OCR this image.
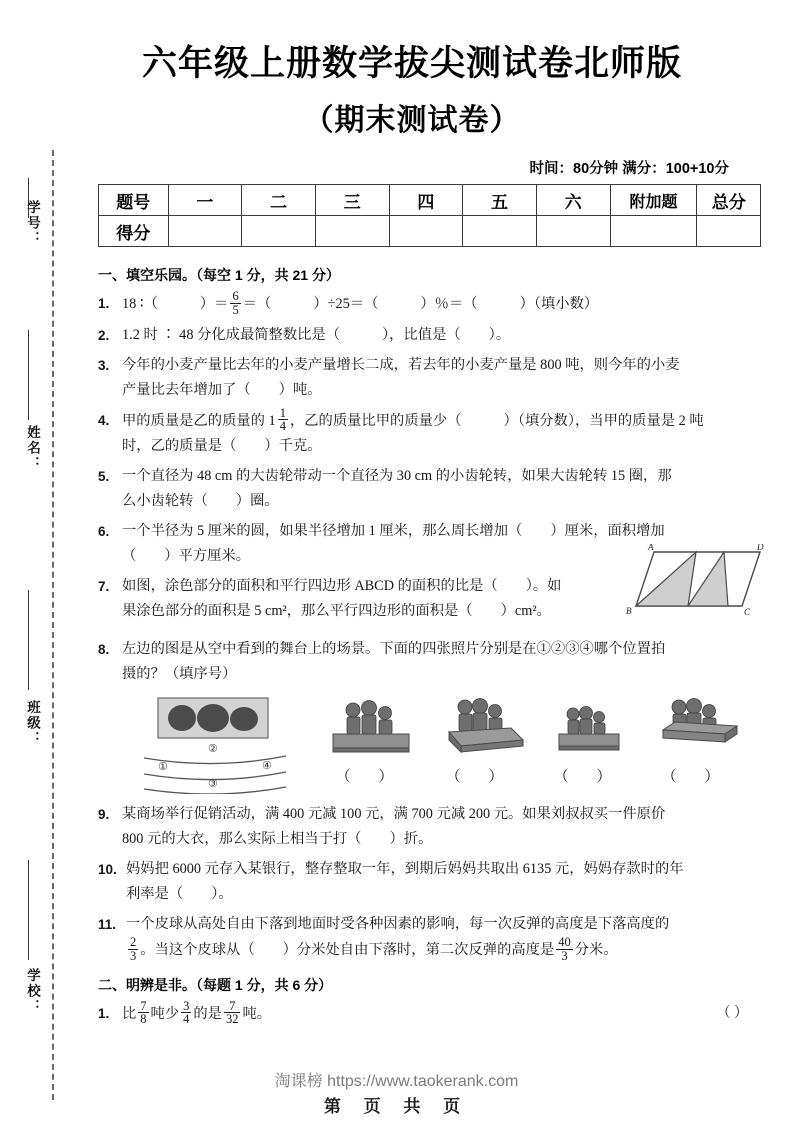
学号：
姓名：
班级：
学校：
六年级上册数学拔尖测试卷北师版
（期末测试卷）
时间：80分钟 满分：100+10分
题号	一	二	三	四	五	六	附加题	总分
得分								
一、填空乐园。（每空 1 分，共 21 分）
1. 18 ∶（	）＝ $\frac{6}{5}$ ＝（	）÷25＝（	）％＝（	）（填小数）
2. 1.2 时 ∶ 48 分化成最简整数比是（	），比值是（ ）。
3. 今年的小麦产量比去年的小麦产量增长二成，若去年的小麦产量是 800 吨，则今年的小麦
产量比去年增加了（ ）吨。
4. 甲的质量是乙的质量的 $1 \frac{1}{4}$ ，乙的质量比甲的质量少（	）（填分数），当甲的质量是 2 吨
时，乙的质量是（ ）千克。
5. 一个直径为 48 cm 的大齿轮带动一个直径为 30 cm 的小齿轮转，如果大齿轮转 15 圈，那
么小齿轮转（ ）圈。
6. 一个半径为 5 厘米的圆，如果半径增加 1 厘米，那么周长增加（ ）厘米，面积增加
（ ）平方厘米。
7. 如图，涂色部分的面积和平行四边形 ABCD 的面积的比是（ ）。如
果涂色部分的面积是 5 cm²，那么平行四边形的面积是（ ）cm²。
A	D
B	C
8. 左边的图是从空中看到的舞台上的场景。下面的四张照片分别是在①②③④哪个位置拍
摄的？（填序号）
②
①	④
③	（ ）	（ ）	（ ）	（ ）
9. 某商场举行促销活动，满 400 元减 100 元，满 700 元减 200 元。如果刘叔叔买一件原价
800 元的大衣，那么实际上相当于打（ ）折。
10. 妈妈把 6000 元存入某银行，整存整取一年，到期后妈妈共取出 6135 元，妈妈存款时的年
利率是（ ）。
11. 一个皮球从高处自由下落到地面时受各种因素的影响，每一次反弹的高度是下落高度的

$\frac{2}{3}$ 。当这个皮球从（ ）分米处自由下落时，第二次反弹的高度是 $\frac{40}{3}$ 分米。
二、明辨是非。（每题 1 分，共 6 分）
1. 比 $\frac{7}{8}$ 吨少 $\frac{3}{4}$ 的是 $\frac{7}{32}$ 吨。	（ ）
淘课榜 https://www.taokerank.com
第 页 共 页
